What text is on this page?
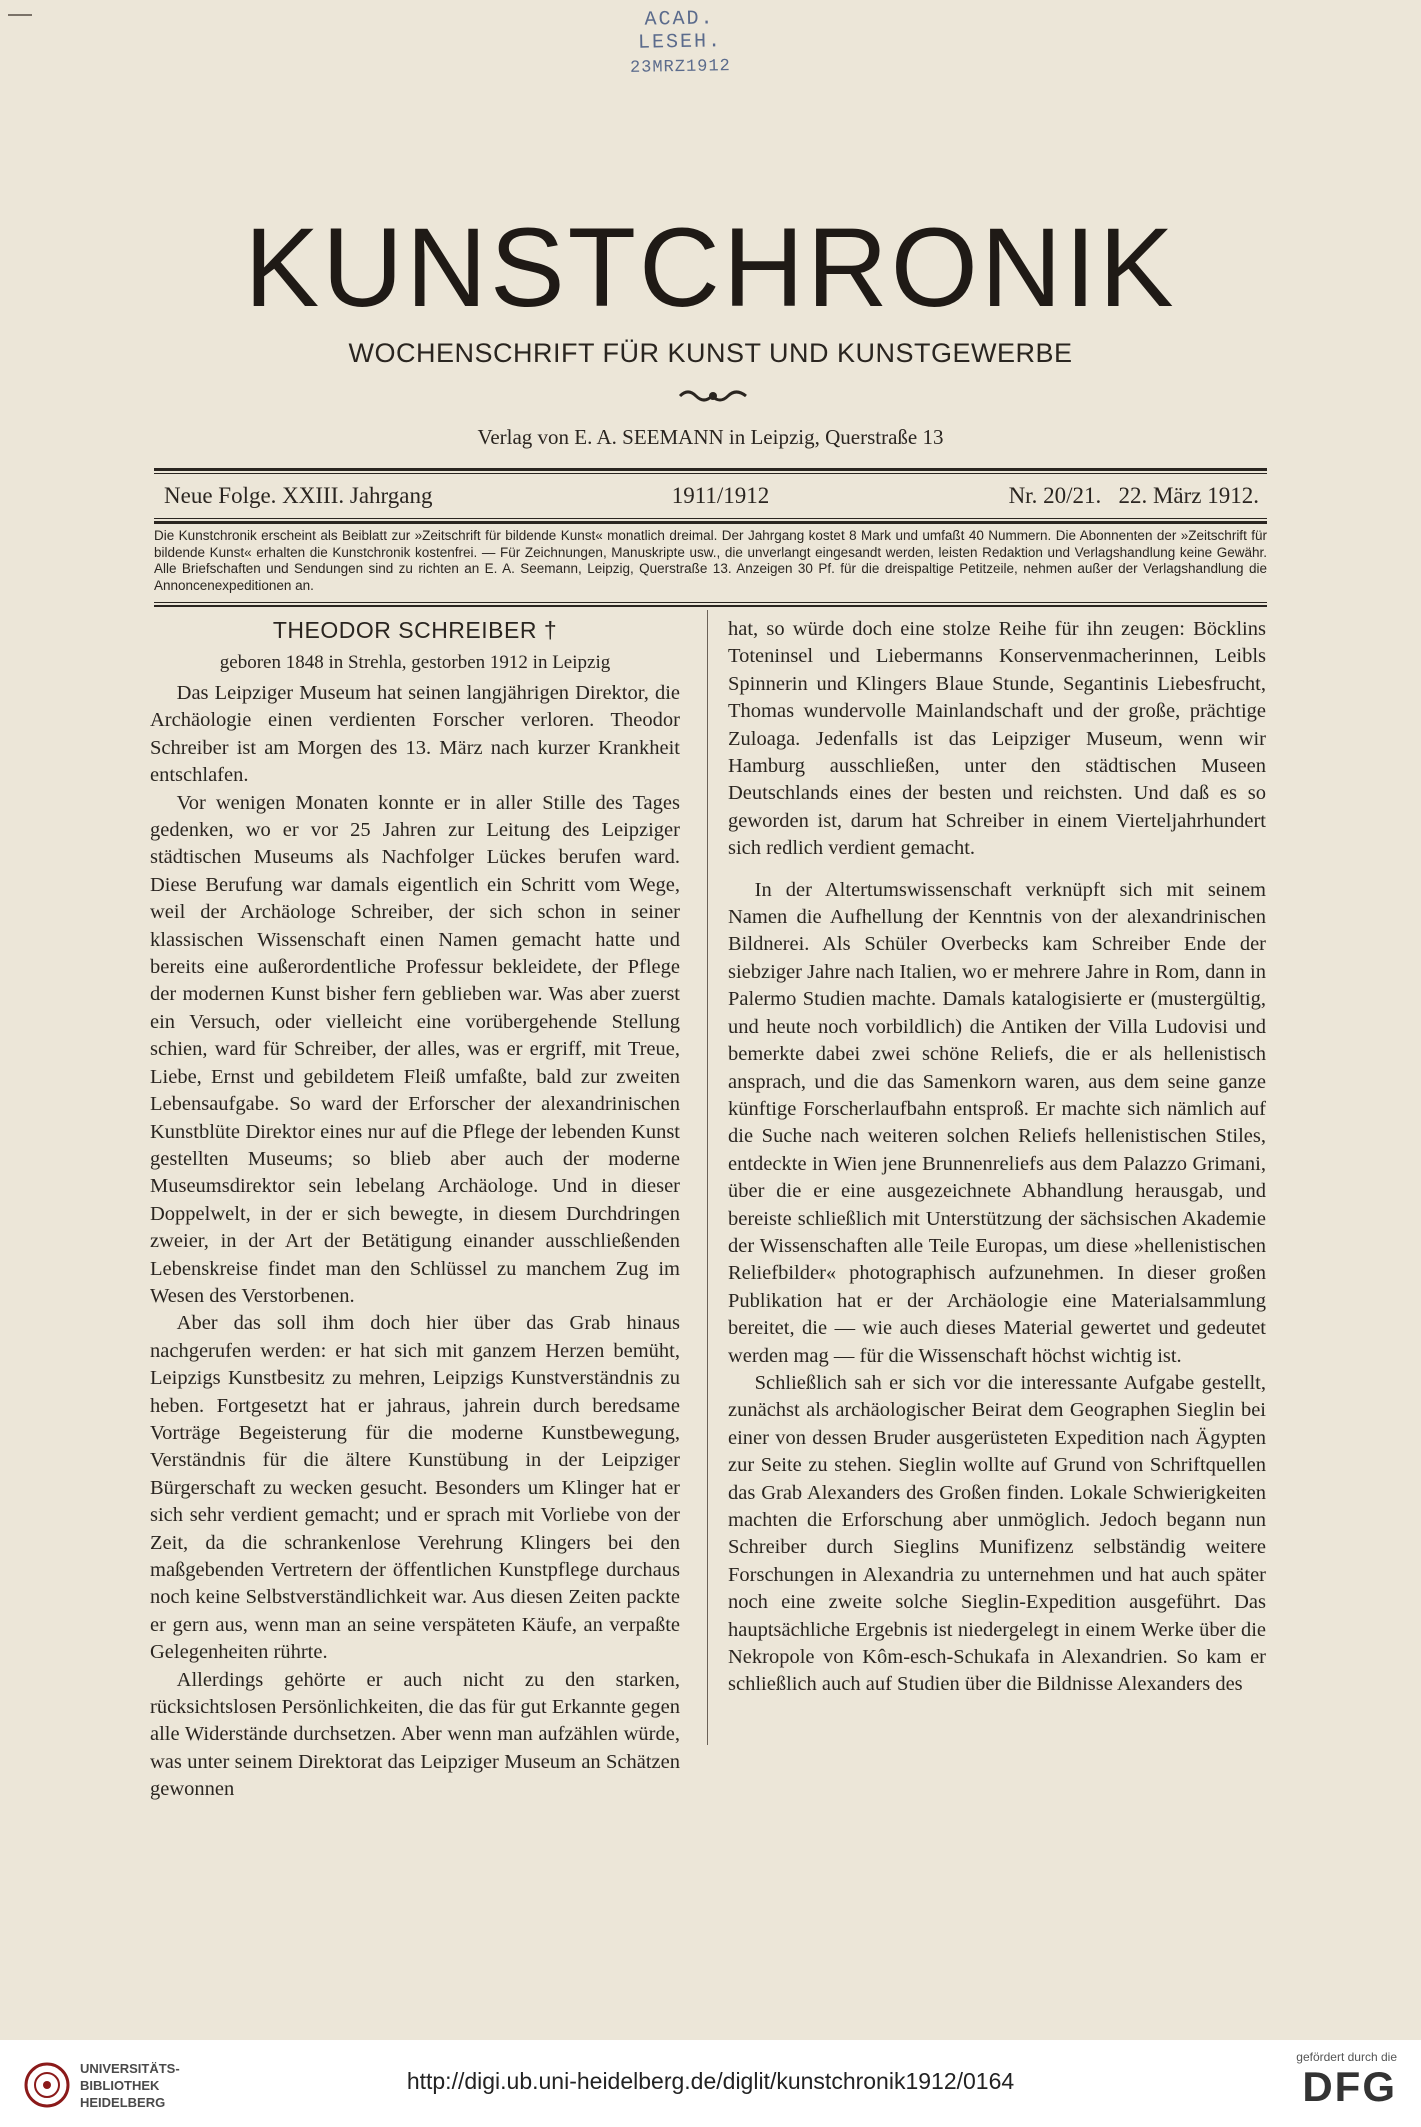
ACAD. LESEH.
23MRZ1912
KUNSTCHRONIK
WOCHENSCHRIFT FÜR KUNST UND KUNSTGEWERBE
Verlag von E. A. SEEMANN in Leipzig, Querstraße 13
Neue Folge. XXIII. Jahrgang	1911/1912	Nr. 20/21. 22. März 1912.
Die Kunstchronik erscheint als Beiblatt zur »Zeitschrift für bildende Kunst« monatlich dreimal. Der Jahrgang kostet 8 Mark und umfaßt 40 Nummern. Die Abonnenten der »Zeitschrift für bildende Kunst« erhalten die Kunstchronik kostenfrei. — Für Zeichnungen, Manuskripte usw., die unverlangt eingesandt werden, leisten Redaktion und Verlagshandlung keine Gewähr. Alle Briefschaften und Sendungen sind zu richten an E. A. Seemann, Leipzig, Querstraße 13. Anzeigen 30 Pf. für die dreispaltige Petitzeile, nehmen außer der Verlagshandlung die Annoncenexpeditionen an.
THEODOR SCHREIBER †
geboren 1848 in Strehla, gestorben 1912 in Leipzig

Das Leipziger Museum hat seinen langjährigen Direktor, die Archäologie einen verdienten Forscher verloren. Theodor Schreiber ist am Morgen des 13. März nach kurzer Krankheit entschlafen.

Vor wenigen Monaten konnte er in aller Stille des Tages gedenken, wo er vor 25 Jahren zur Leitung des Leipziger städtischen Museums als Nachfolger Lückes berufen ward. Diese Berufung war damals eigentlich ein Schritt vom Wege, weil der Archäologe Schreiber, der sich schon in seiner klassischen Wissenschaft einen Namen gemacht hatte und bereits eine außerordentliche Professur bekleidete, der Pflege der modernen Kunst bisher fern geblieben war. Was aber zuerst ein Versuch, oder vielleicht eine vorübergehende Stellung schien, ward für Schreiber, der alles, was er ergriff, mit Treue, Liebe, Ernst und gebildetem Fleiß umfaßte, bald zur zweiten Lebensaufgabe. So ward der Erforscher der alexandrinischen Kunstblüte Direktor eines nur auf die Pflege der lebenden Kunst gestellten Museums; so blieb aber auch der moderne Museumsdirektor sein lebelang Archäologe. Und in dieser Doppelwelt, in der er sich bewegte, in diesem Durchdringen zweier, in der Art der Betätigung einander ausschließenden Lebenskreise findet man den Schlüssel zu manchem Zug im Wesen des Verstorbenen.

Aber das soll ihm doch hier über das Grab hinaus nachgerufen werden: er hat sich mit ganzem Herzen bemüht, Leipzigs Kunstbesitz zu mehren, Leipzigs Kunstverständnis zu heben. Fortgesetzt hat er jahraus, jahrein durch beredsame Vorträge Begeisterung für die moderne Kunstbewegung, Verständnis für die ältere Kunstübung in der Leipziger Bürgerschaft zu wecken gesucht. Besonders um Klinger hat er sich sehr verdient gemacht; und er sprach mit Vorliebe von der Zeit, da die schrankenlose Verehrung Klingers bei den maßgebenden Vertretern der öffentlichen Kunstpflege durchaus noch keine Selbstverständlichkeit war. Aus diesen Zeiten packte er gern aus, wenn man an seine verspäteten Käufe, an verpaßte Gelegenheiten rührte.

Allerdings gehörte er auch nicht zu den starken, rücksichtslosen Persönlichkeiten, die das für gut Erkannte gegen alle Widerstände durchsetzen. Aber wenn man aufzählen würde, was unter seinem Direktorat das Leipziger Museum an Schätzen gewonnen

hat, so würde doch eine stolze Reihe für ihn zeugen: Böcklins Toteninsel und Liebermanns Konservenmacherinnen, Leibls Spinnerin und Klingers Blaue Stunde, Segantinis Liebesfrucht, Thomas wundervolle Mainlandschaft und der große, prächtige Zuloaga. Jedenfalls ist das Leipziger Museum, wenn wir Hamburg ausschließen, unter den städtischen Museen Deutschlands eines der besten und reichsten. Und daß es so geworden ist, darum hat Schreiber in einem Vierteljahrhundert sich redlich verdient gemacht.

In der Altertumswissenschaft verknüpft sich mit seinem Namen die Aufhellung der Kenntnis von der alexandrinischen Bildnerei. Als Schüler Overbecks kam Schreiber Ende der siebziger Jahre nach Italien, wo er mehrere Jahre in Rom, dann in Palermo Studien machte. Damals katalogisierte er (mustergültig, und heute noch vorbildlich) die Antiken der Villa Ludovisi und bemerkte dabei zwei schöne Reliefs, die er als hellenistisch ansprach, und die das Samenkorn waren, aus dem seine ganze künftige Forscherlaufbahn entsproß. Er machte sich nämlich auf die Suche nach weiteren solchen Reliefs hellenistischen Stiles, entdeckte in Wien jene Brunnenreliefs aus dem Palazzo Grimani, über die er eine ausgezeichnete Abhandlung herausgab, und bereiste schließlich mit Unterstützung der sächsischen Akademie der Wissenschaften alle Teile Europas, um diese »hellenistischen Reliefbilder« photographisch aufzunehmen. In dieser großen Publikation hat er der Archäologie eine Materialsammlung bereitet, die — wie auch dieses Material gewertet und gedeutet werden mag — für die Wissenschaft höchst wichtig ist.

Schließlich sah er sich vor die interessante Aufgabe gestellt, zunächst als archäologischer Beirat dem Geographen Sieglin bei einer von dessen Bruder ausgerüsteten Expedition nach Ägypten zur Seite zu stehen. Sieglin wollte auf Grund von Schriftquellen das Grab Alexanders des Großen finden. Lokale Schwierigkeiten machten die Erforschung aber unmöglich. Jedoch begann nun Schreiber durch Sieglins Munifizenz selbständig weitere Forschungen in Alexandria zu unternehmen und hat auch später noch eine zweite solche Sieglin-Expedition ausgeführt. Das hauptsächliche Ergebnis ist niedergelegt in einem Werke über die Nekropole von Kôm-esch-Schukafa in Alexandrien. So kam er schließlich auch auf Studien über die Bildnisse Alexanders des

UNIVERSITÄTS-
BIBLIOTHEK
HEIDELBERG
http://digi.ub.uni-heidelberg.de/diglit/kunstchronik1912/0164
gefördert durch die
DFG
